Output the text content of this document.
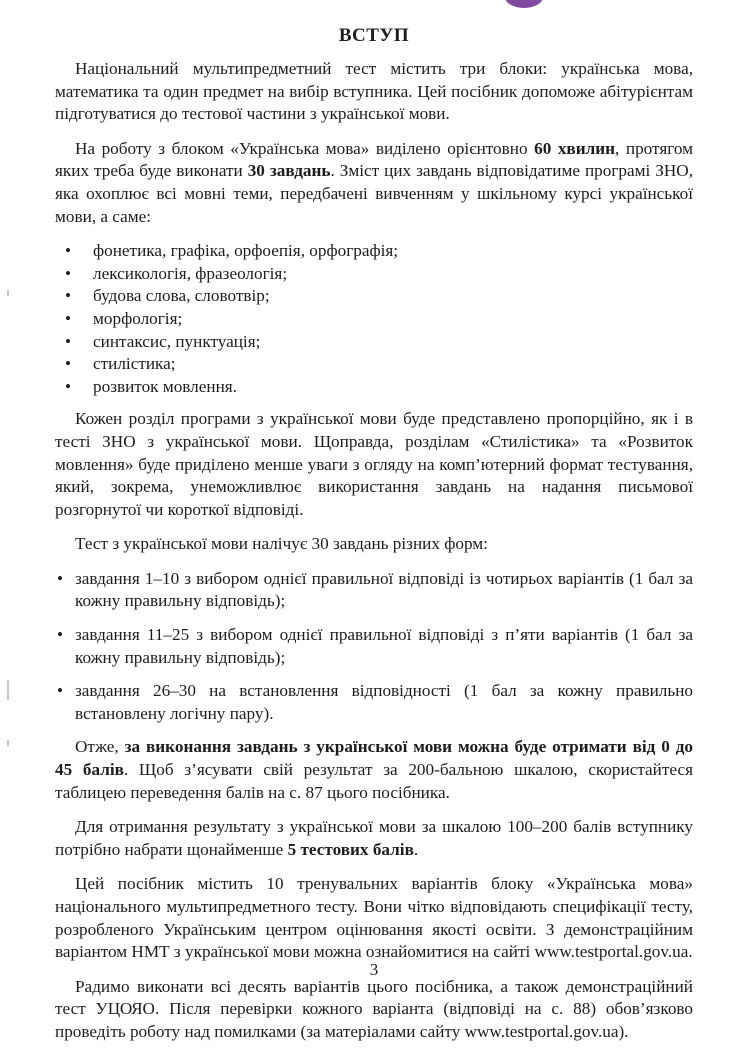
ВСТУП

Національний мультипредметний тест містить три блоки: українська мова, математика та один предмет на вибір вступника. Цей посібник допоможе абітурієнтам підготуватися до тестової частини з української мови.

На роботу з блоком «Українська мова» виділено орієнтовно 60 хвилин, протягом яких треба буде виконати 30 завдань. Зміст цих завдань відповідатиме програмі ЗНО, яка охоплює всі мовні теми, передбачені вивченням у шкільному курсі української мови, а саме:

• фонетика, графіка, орфоепія, орфографія;
• лексикологія, фразеологія;
• будова слова, словотвір;
• морфологія;
• синтаксис, пунктуація;
• стилістика;
• розвиток мовлення.

Кожен розділ програми з української мови буде представлено пропорційно, як і в тесті ЗНО з української мови. Щоправда, розділам «Стилістика» та «Розвиток мовлення» буде приділено менше уваги з огляду на комп’ютерний формат тестування, який, зокрема, унеможливлює використання завдань на надання письмової розгорнутої чи короткої відповіді.

Тест з української мови налічує 30 завдань різних форм:

• завдання 1–10 з вибором однієї правильної відповіді із чотирьох варіантів (1 бал за кожну правильну відповідь);
• завдання 11–25 з вибором однієї правильної відповіді з п’яти варіантів (1 бал за кожну правильну відповідь);
• завдання 26–30 на встановлення відповідності (1 бал за кожну правильно встановлену логічну пару).

Отже, за виконання завдань з української мови можна буде отримати від 0 до 45 балів. Щоб з’ясувати свій результат за 200-бальною шкалою, скористайтеся таблицею переведення балів на с. 87 цього посібника.

Для отримання результату з української мови за шкалою 100–200 балів вступнику потрібно набрати щонайменше 5 тестових балів.

Цей посібник містить 10 тренувальних варіантів блоку «Українська мова» національного мультипредметного тесту. Вони чітко відповідають специфікації тесту, розробленого Українським центром оцінювання якості освіти. З демонстраційним варіантом НМТ з української мови можна ознайомитися на сайті www.testportal.gov.ua.

Радимо виконати всі десять варіантів цього посібника, а також демонстраційний тест УЦОЯО. Після перевірки кожного варіанта (відповіді на с. 88) обов’язково проведіть роботу над помилками (за матеріалами сайту www.testportal.gov.ua).

3
